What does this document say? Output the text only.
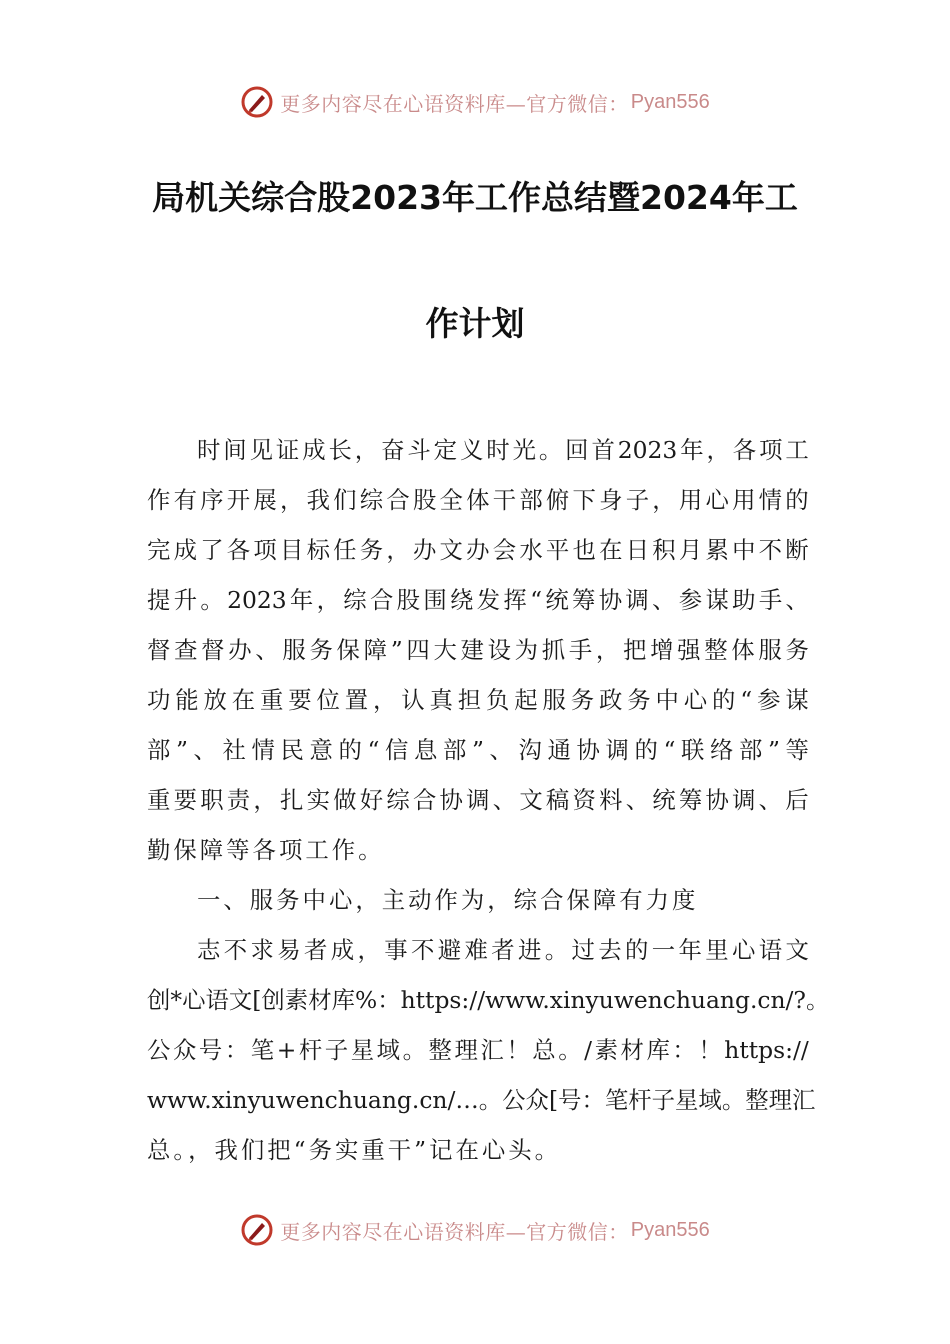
更多内容尽在心语资料库—官方微信： Pyan556
局机关综合股2023年工作总结暨2024年工
作计划
时 间 见 证 成 长 ， 奋 斗 定 义 时 光 。 回 首 2023 年 ， 各 项 工
作 有 序 开 展 ， 我 们 综 合 股 全 体 干 部 俯 下 身 子 ， 用 心 用 情 的
完 成 了 各 项 目 标 任 务 ， 办 文 办 会 水 平 也 在 日 积 月 累 中 不 断
提 升 。 2023 年 ， 综 合 股 围 绕 发 挥 “ 统 筹 协 调 、 参 谋 助 手 、
督 查 督 办 、 服 务 保 障 ” 四 大 建 设 为 抓 手 ， 把 增 强 整 体 服 务
功 能 放 在 重 要 位 置 ， 认 真 担 负 起 服 务 政 务 中 心 的 “ 参 谋
部 ” 、 社 情 民 意 的 “ 信 息 部 ” 、 沟 通 协 调 的 “ 联 络 部 ” 等
重 要 职 责 ， 扎 实 做 好 综 合 协 调 、 文 稿 资 料 、 统 筹 协 调 、 后
勤保障等各项工作。
一、服务中心，主动作为，综合保障有力度
志 不 求 易 者 成 ， 事 不 避 难 者 进 。 过 去 的 一 年 里 心 语 文
创 * 心 语 文 [ 创 素 材 库 % ： https://www.xinyuwenchuang.cn/? 。
公 众 号 ： 笔 + 杆 子 星 域 。 整 理 汇 ！ 总 。 / 素 材 库 ： ！ https://
www.xinyuwenchuang.cn/ … 。 公 众 [ 号 ： 笔 杆 子 星 域 。 整 理 汇
总。，我们把“务实重干”记在心头。
更多内容尽在心语资料库—官方微信： Pyan556
